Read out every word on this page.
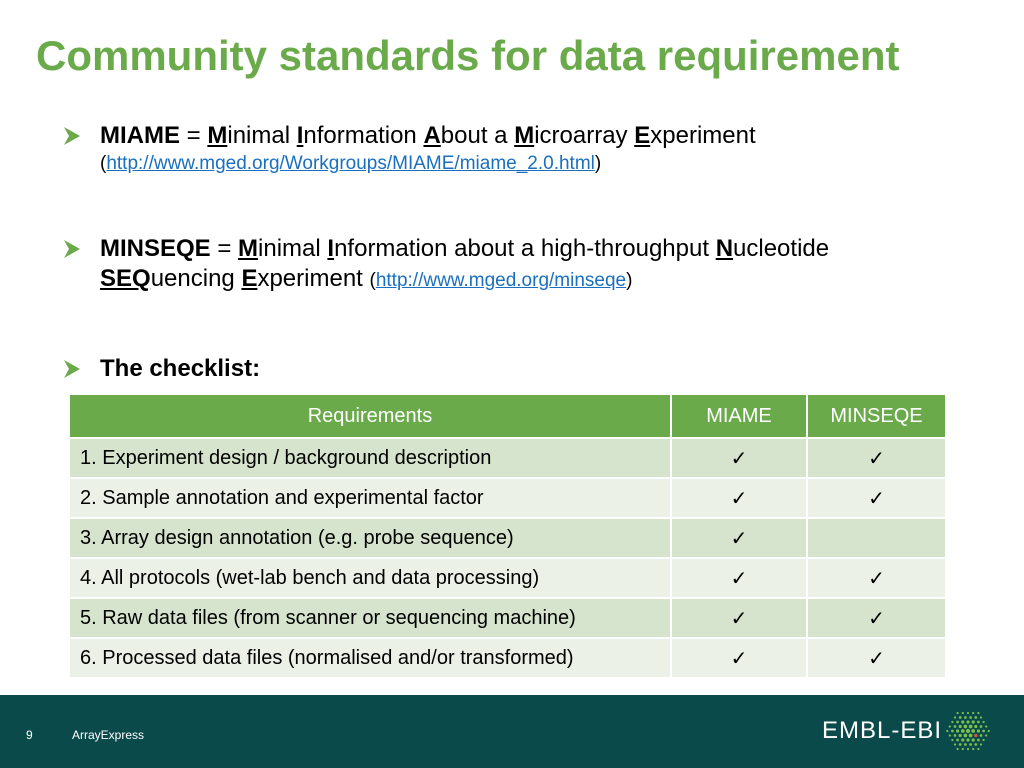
Community standards for data requirement
MIAME = Minimal Information About a Microarray Experiment
(http://www.mged.org/Workgroups/MIAME/miame_2.0.html)
MINSEQE = Minimal Information about a high-throughput Nucleotide
SEQuencing Experiment (http://www.mged.org/minseqe)
The checklist:
Requirements	MIAME	MINSEQE
1. Experiment design / background description	✓	✓
2. Sample annotation and experimental factor	✓	✓
3. Array design annotation (e.g. probe sequence)	✓	
4. All protocols (wet-lab bench and data processing)	✓	✓
5. Raw data files (from scanner or sequencing machine)	✓	✓
6. Processed data files (normalised and/or transformed)	✓	✓
9	ArrayExpress	EMBL-EBI
